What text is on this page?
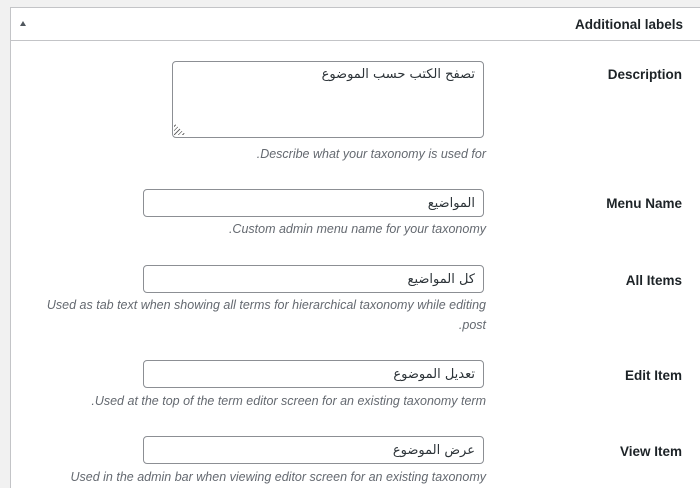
Additional labels
Description
تصفح الكتب حسب الموضوع
.Describe what your taxonomy is used for
Menu Name
المواضيع
.Custom admin menu name for your taxonomy
All Items
كل المواضيع
Used as tab text when showing all terms for hierarchical taxonomy while editing
.post
Edit Item
تعديل الموضوع
.Used at the top of the term editor screen for an existing taxonomy term
View Item
عرض الموضوع
Used in the admin bar when viewing editor screen for an existing taxonomy
